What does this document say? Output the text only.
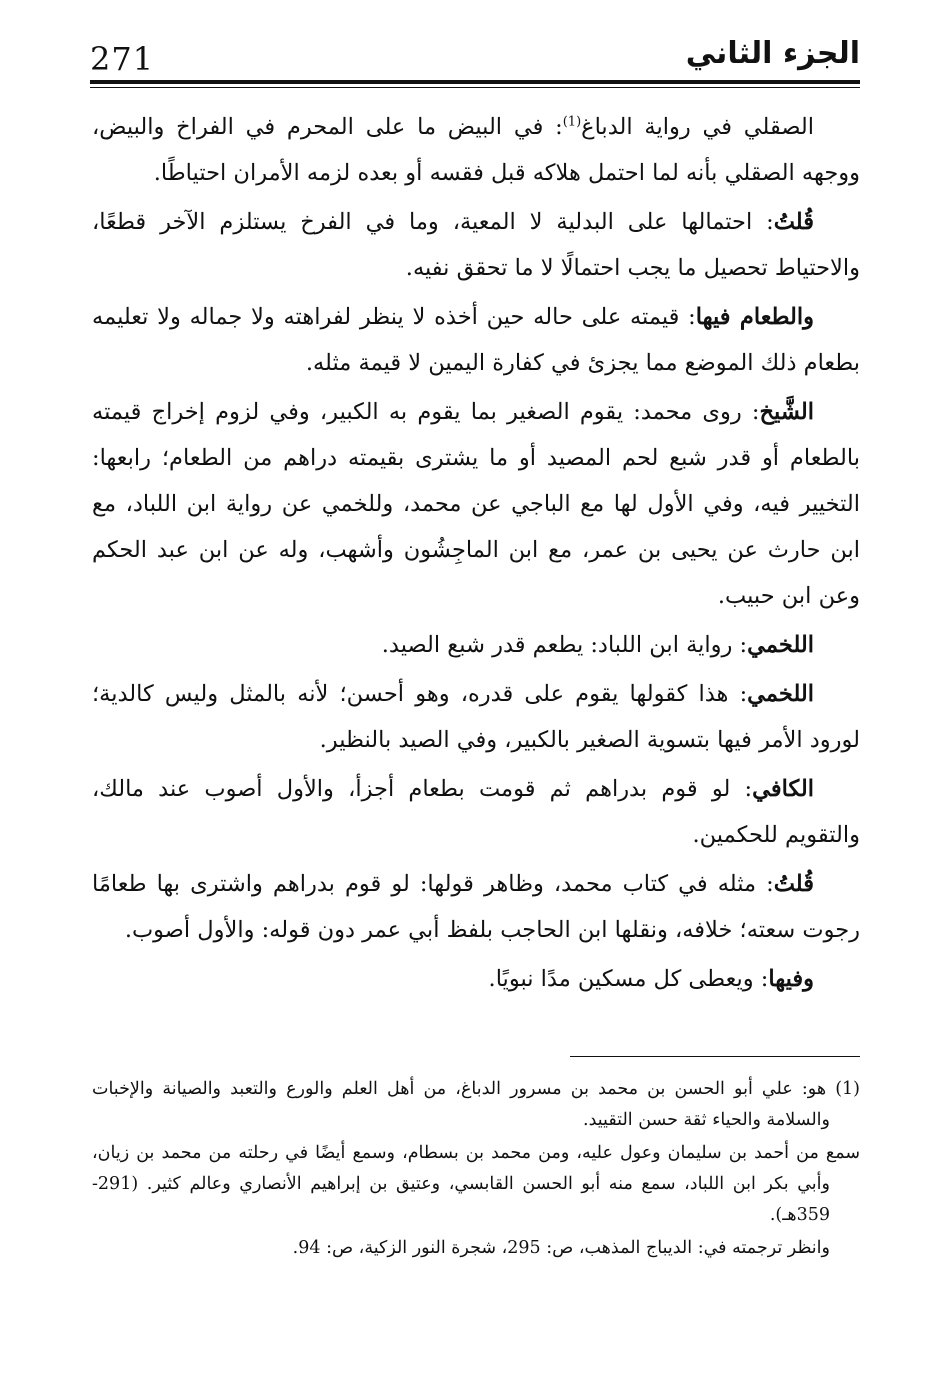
271	الجزء الثاني

الصقلي في رواية الدباغ$^{(1)}$: في البيض ما على المحرم في الفراخ والبيض، ووجهه الصقلي بأنه لما احتمل هلاكه قبل فقسه أو بعده لزمه الأمران احتياطًا.

قُلتُ: احتمالها على البدلية لا المعية، وما في الفرخ يستلزم الآخر قطعًا، والاحتياط تحصيل ما يجب احتمالًا لا ما تحقق نفيه.

والطعام فيها: قيمته على حاله حين أخذه لا ينظر لفراهته ولا جماله ولا تعليمه بطعام ذلك الموضع مما يجزئ في كفارة اليمين لا قيمة مثله.

الشَّيخ: روى محمد: يقوم الصغير بما يقوم به الكبير، وفي لزوم إخراج قيمته بالطعام أو قدر شبع لحم المصيد أو ما يشترى بقيمته دراهم من الطعام؛ رابعها: التخيير فيه، وفي الأول لها مع الباجي عن محمد، وللخمي عن رواية ابن اللباد، مع ابن حارث عن يحيى بن عمر، مع ابن الماجِشُون وأشهب، وله عن ابن عبد الحكم وعن ابن حبيب.

اللخمي: رواية ابن اللباد: يطعم قدر شبع الصيد.

اللخمي: هذا كقولها يقوم على قدره، وهو أحسن؛ لأنه بالمثل وليس كالدية؛ لورود الأمر فيها بتسوية الصغير بالكبير، وفي الصيد بالنظير.

الكافي: لو قوم بدراهم ثم قومت بطعام أجزأ، والأول أصوب عند مالك، والتقويم للحكمين.

قُلتُ: مثله في كتاب محمد، وظاهر قولها: لو قوم بدراهم واشترى بها طعامًا رجوت سعته؛ خلافه، ونقلها ابن الحاجب بلفظ أبي عمر دون قوله: والأول أصوب.

وفيها: ويعطى كل مسكين مدًا نبويًا.

(1) هو: علي أبو الحسن بن محمد بن مسرور الدباغ، من أهل العلم والورع والتعبد والصيانة والإخبات والسلامة والحياء ثقة حسن التقييد.

سمع من أحمد بن سليمان وعول عليه، ومن محمد بن بسطام، وسمع أيضًا في رحلته من محمد بن زيان، وأبي بكر ابن اللباد، سمع منه أبو الحسن القابسي، وعتيق بن إبراهيم الأنصاري وعالم كثير. (291-359هـ).

وانظر ترجمته في: الديباج المذهب، ص: 295، شجرة النور الزكية، ص: 94.
